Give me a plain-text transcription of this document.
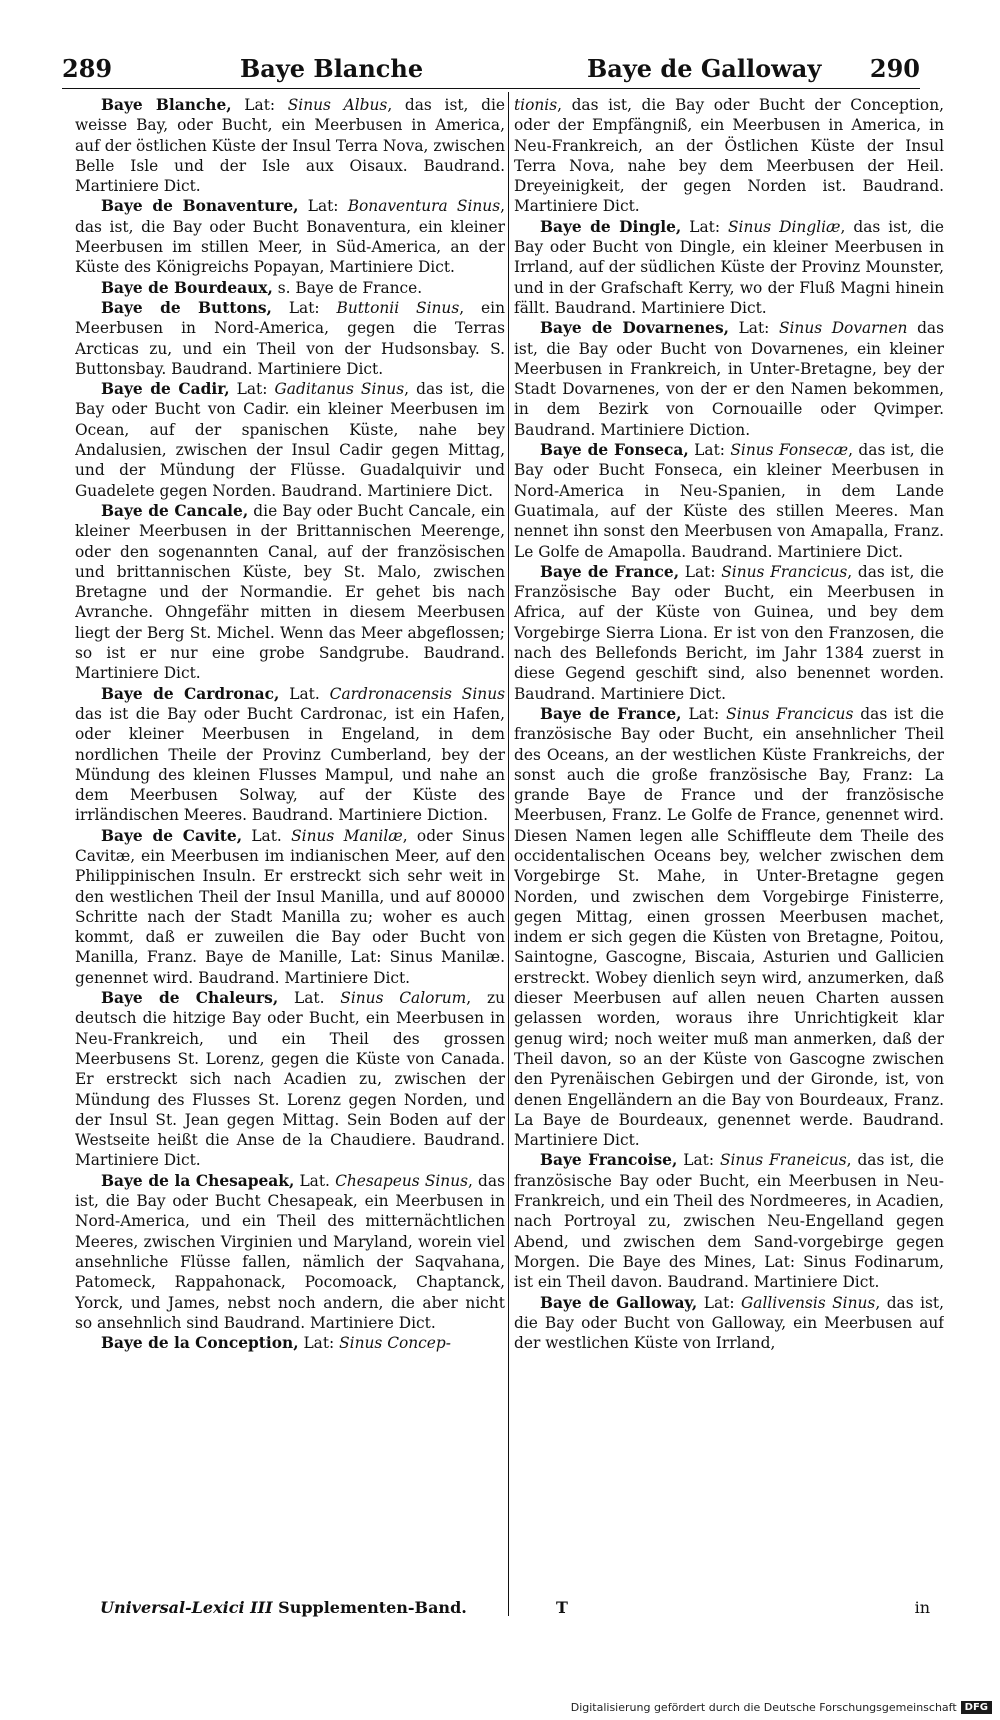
289	Baye Blanche	Baye de Galloway 290

Baye Blanche, Lat: Sinus Albus, das ist, die weisse Bay, oder Bucht, ein Meerbusen in America, auf der östlichen Küste der Insul Terra Nova, zwischen Belle Isle und der Isle aux Oisaux. Baudrand. Martiniere Dict.

Baye de Bonaventure, Lat: Bonaventura Sinus, das ist, die Bay oder Bucht Bonaventura, ein kleiner Meerbusen im stillen Meer, in Süd-America, an der Küste des Königreichs Popayan, Martiniere Dict.

Baye de Bourdeaux, s. Baye de France.

Baye de Buttons, Lat: Buttonii Sinus, ein Meerbusen in Nord-America, gegen die Terras Arcticas zu, und ein Theil von der Hudsonsbay. S. Buttonsbay. Baudrand. Martiniere Dict.

Baye de Cadir, Lat: Gaditanus Sinus, das ist, die Bay oder Bucht von Cadir. ein kleiner Meerbusen im Ocean, auf der spanischen Küste, nahe bey Andalusien, zwischen der Insul Cadir gegen Mittag, und der Mündung der Flüsse. Guadalquivir und Guadelete gegen Norden. Baudrand. Martiniere Dict.

Baye de Cancale, die Bay oder Bucht Cancale, ein kleiner Meerbusen in der Brittannischen Meerenge, oder den sogenannten Canal, auf der französischen und brittannischen Küste, bey St. Malo, zwischen Bretagne und der Normandie. Er gehet bis nach Avranche. Ohngefähr mitten in diesem Meerbusen liegt der Berg St. Michel. Wenn das Meer abgeflossen; so ist er nur eine grobe Sandgrube. Baudrand. Martiniere Dict.

Baye de Cardronac, Lat. Cardronacensis Sinus das ist die Bay oder Bucht Cardronac, ist ein Hafen, oder kleiner Meerbusen in Engeland, in dem nordlichen Theile der Provinz Cumberland, bey der Mündung des kleinen Flusses Mampul, und nahe an dem Meerbusen Solway, auf der Küste des irrländischen Meeres. Baudrand. Martiniere Diction.

Baye de Cavite, Lat. Sinus Manilæ, oder Sinus Cavitæ, ein Meerbusen im indianischen Meer, auf den Philippinischen Insuln. Er erstreckt sich sehr weit in den westlichen Theil der Insul Manilla, und auf 80000 Schritte nach der Stadt Manilla zu; woher es auch kommt, daß er zuweilen die Bay oder Bucht von Manilla, Franz. Baye de Manille, Lat: Sinus Manilæ. genennet wird. Baudrand. Martiniere Dict.

Baye de Chaleurs, Lat. Sinus Calorum, zu deutsch die hitzige Bay oder Bucht, ein Meerbusen in Neu-Frankreich, und ein Theil des grossen Meerbusens St. Lorenz, gegen die Küste von Canada. Er erstreckt sich nach Acadien zu, zwischen der Mündung des Flusses St. Lorenz gegen Norden, und der Insul St. Jean gegen Mittag. Sein Boden auf der Westseite heißt die Anse de la Chaudiere. Baudrand. Martiniere Dict.

Baye de la Chesapeak, Lat. Chesapeus Sinus, das ist, die Bay oder Bucht Chesapeak, ein Meerbusen in Nord-America, und ein Theil des mitternächtlichen Meeres, zwischen Virginien und Maryland, worein viel ansehnliche Flüsse fallen, nämlich der Saqvahana, Patomeck, Rappahonack, Pocomoack, Chaptanck, Yorck, und James, nebst noch andern, die aber nicht so ansehnlich sind Baudrand. Martiniere Dict.

Baye de la Conception, Lat: Sinus Concep-

tionis, das ist, die Bay oder Bucht der Conception, oder der Empfängniß, ein Meerbusen in America, in Neu-Frankreich, an der Östlichen Küste der Insul Terra Nova, nahe bey dem Meerbusen der Heil. Dreyeinigkeit, der gegen Norden ist. Baudrand. Martiniere Dict.

Baye de Dingle, Lat: Sinus Dingliæ, das ist, die Bay oder Bucht von Dingle, ein kleiner Meerbusen in Irrland, auf der südlichen Küste der Provinz Mounster, und in der Grafschaft Kerry, wo der Fluß Magni hinein fällt. Baudrand. Martiniere Dict.

Baye de Dovarnenes, Lat: Sinus Dovarnen das ist, die Bay oder Bucht von Dovarnenes, ein kleiner Meerbusen in Frankreich, in Unter-Bretagne, bey der Stadt Dovarnenes, von der er den Namen bekommen, in dem Bezirk von Cornouaille oder Qvimper. Baudrand. Martiniere Diction.

Baye de Fonseca, Lat: Sinus Fonsecæ, das ist, die Bay oder Bucht Fonseca, ein kleiner Meerbusen in Nord-America in Neu-Spanien, in dem Lande Guatimala, auf der Küste des stillen Meeres. Man nennet ihn sonst den Meerbusen von Amapalla, Franz. Le Golfe de Amapolla. Baudrand. Martiniere Dict.

Baye de France, Lat: Sinus Francicus, das ist, die Französische Bay oder Bucht, ein Meerbusen in Africa, auf der Küste von Guinea, und bey dem Vorgebirge Sierra Liona. Er ist von den Franzosen, die nach des Bellefonds Bericht, im Jahr 1384 zuerst in diese Gegend geschift sind, also benennet worden. Baudrand. Martiniere Dict.

Baye de France, Lat: Sinus Francicus das ist die französische Bay oder Bucht, ein ansehnlicher Theil des Oceans, an der westlichen Küste Frankreichs, der sonst auch die große französische Bay, Franz: La grande Baye de France und der französische Meerbusen, Franz. Le Golfe de France, genennet wird. Diesen Namen legen alle Schiffleute dem Theile des occidentalischen Oceans bey, welcher zwischen dem Vorgebirge St. Mahe, in Unter-Bretagne gegen Norden, und zwischen dem Vorgebirge Finisterre, gegen Mittag, einen grossen Meerbusen machet, indem er sich gegen die Küsten von Bretagne, Poitou, Saintogne, Gascogne, Biscaia, Asturien und Gallicien erstreckt. Wobey dienlich seyn wird, anzumerken, daß dieser Meerbusen auf allen neuen Charten aussen gelassen worden, woraus ihre Unrichtigkeit klar genug wird; noch weiter muß man anmerken, daß der Theil davon, so an der Küste von Gascogne zwischen den Pyrenäischen Gebirgen und der Gironde, ist, von denen Engelländern an die Bay von Bourdeaux, Franz. La Baye de Bourdeaux, genennet werde. Baudrand. Martiniere Dict.

Baye Francoise, Lat: Sinus Franeicus, das ist, die französische Bay oder Bucht, ein Meerbusen in Neu-Frankreich, und ein Theil des Nordmeeres, in Acadien, nach Portroyal zu, zwischen Neu-Engelland gegen Abend, und zwischen dem Sand-vorgebirge gegen Morgen. Die Baye des Mines, Lat: Sinus Fodinarum, ist ein Theil davon. Baudrand. Martiniere Dict.

Baye de Galloway, Lat: Gallivensis Sinus, das ist, die Bay oder Bucht von Galloway, ein Meerbusen auf der westlichen Küste von Irrland,

Universal-Lexici III Supplementen-Band.	T	in
Digitalisierung gefördert durch die Deutsche Forschungsgemeinschaft DFG
